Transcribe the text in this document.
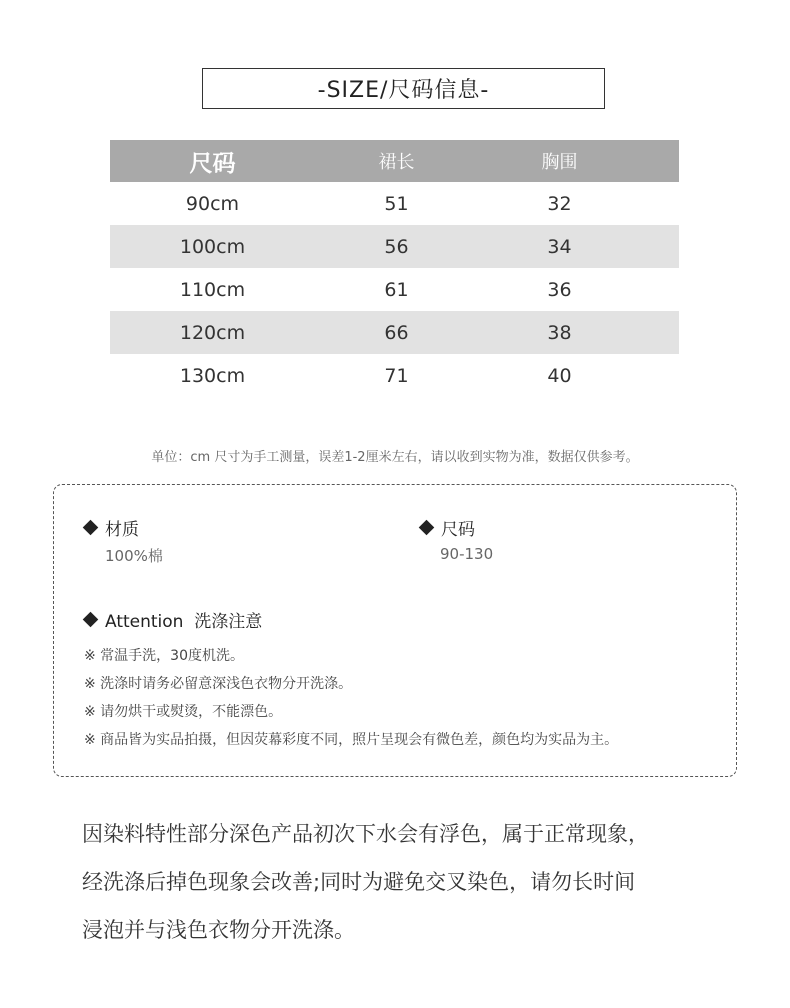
-SIZE/尺码信息-
尺码	裙长	胸围
90cm	51	32
100cm	56	34
110cm	61	36
120cm	66	38
130cm	71	40
单位：cm 尺寸为手工测量，误差1-2厘米左右，请以收到实物为准，数据仅供参考。
材质
100%棉
尺码
90-130
Attention  洗涤注意
※ 常温手洗，30度机洗。
※ 洗涤时请务必留意深浅色衣物分开洗涤。
※ 请勿烘干或熨烫，不能漂色。
※ 商品皆为实品拍摄，但因荧幕彩度不同，照片呈现会有微色差，颜色均为实品为主。
因染料特性部分深色产品初次下水会有浮色，属于正常现象，
经洗涤后掉色现象会改善;同时为避免交叉染色，请勿长时间
浸泡并与浅色衣物分开洗涤。
